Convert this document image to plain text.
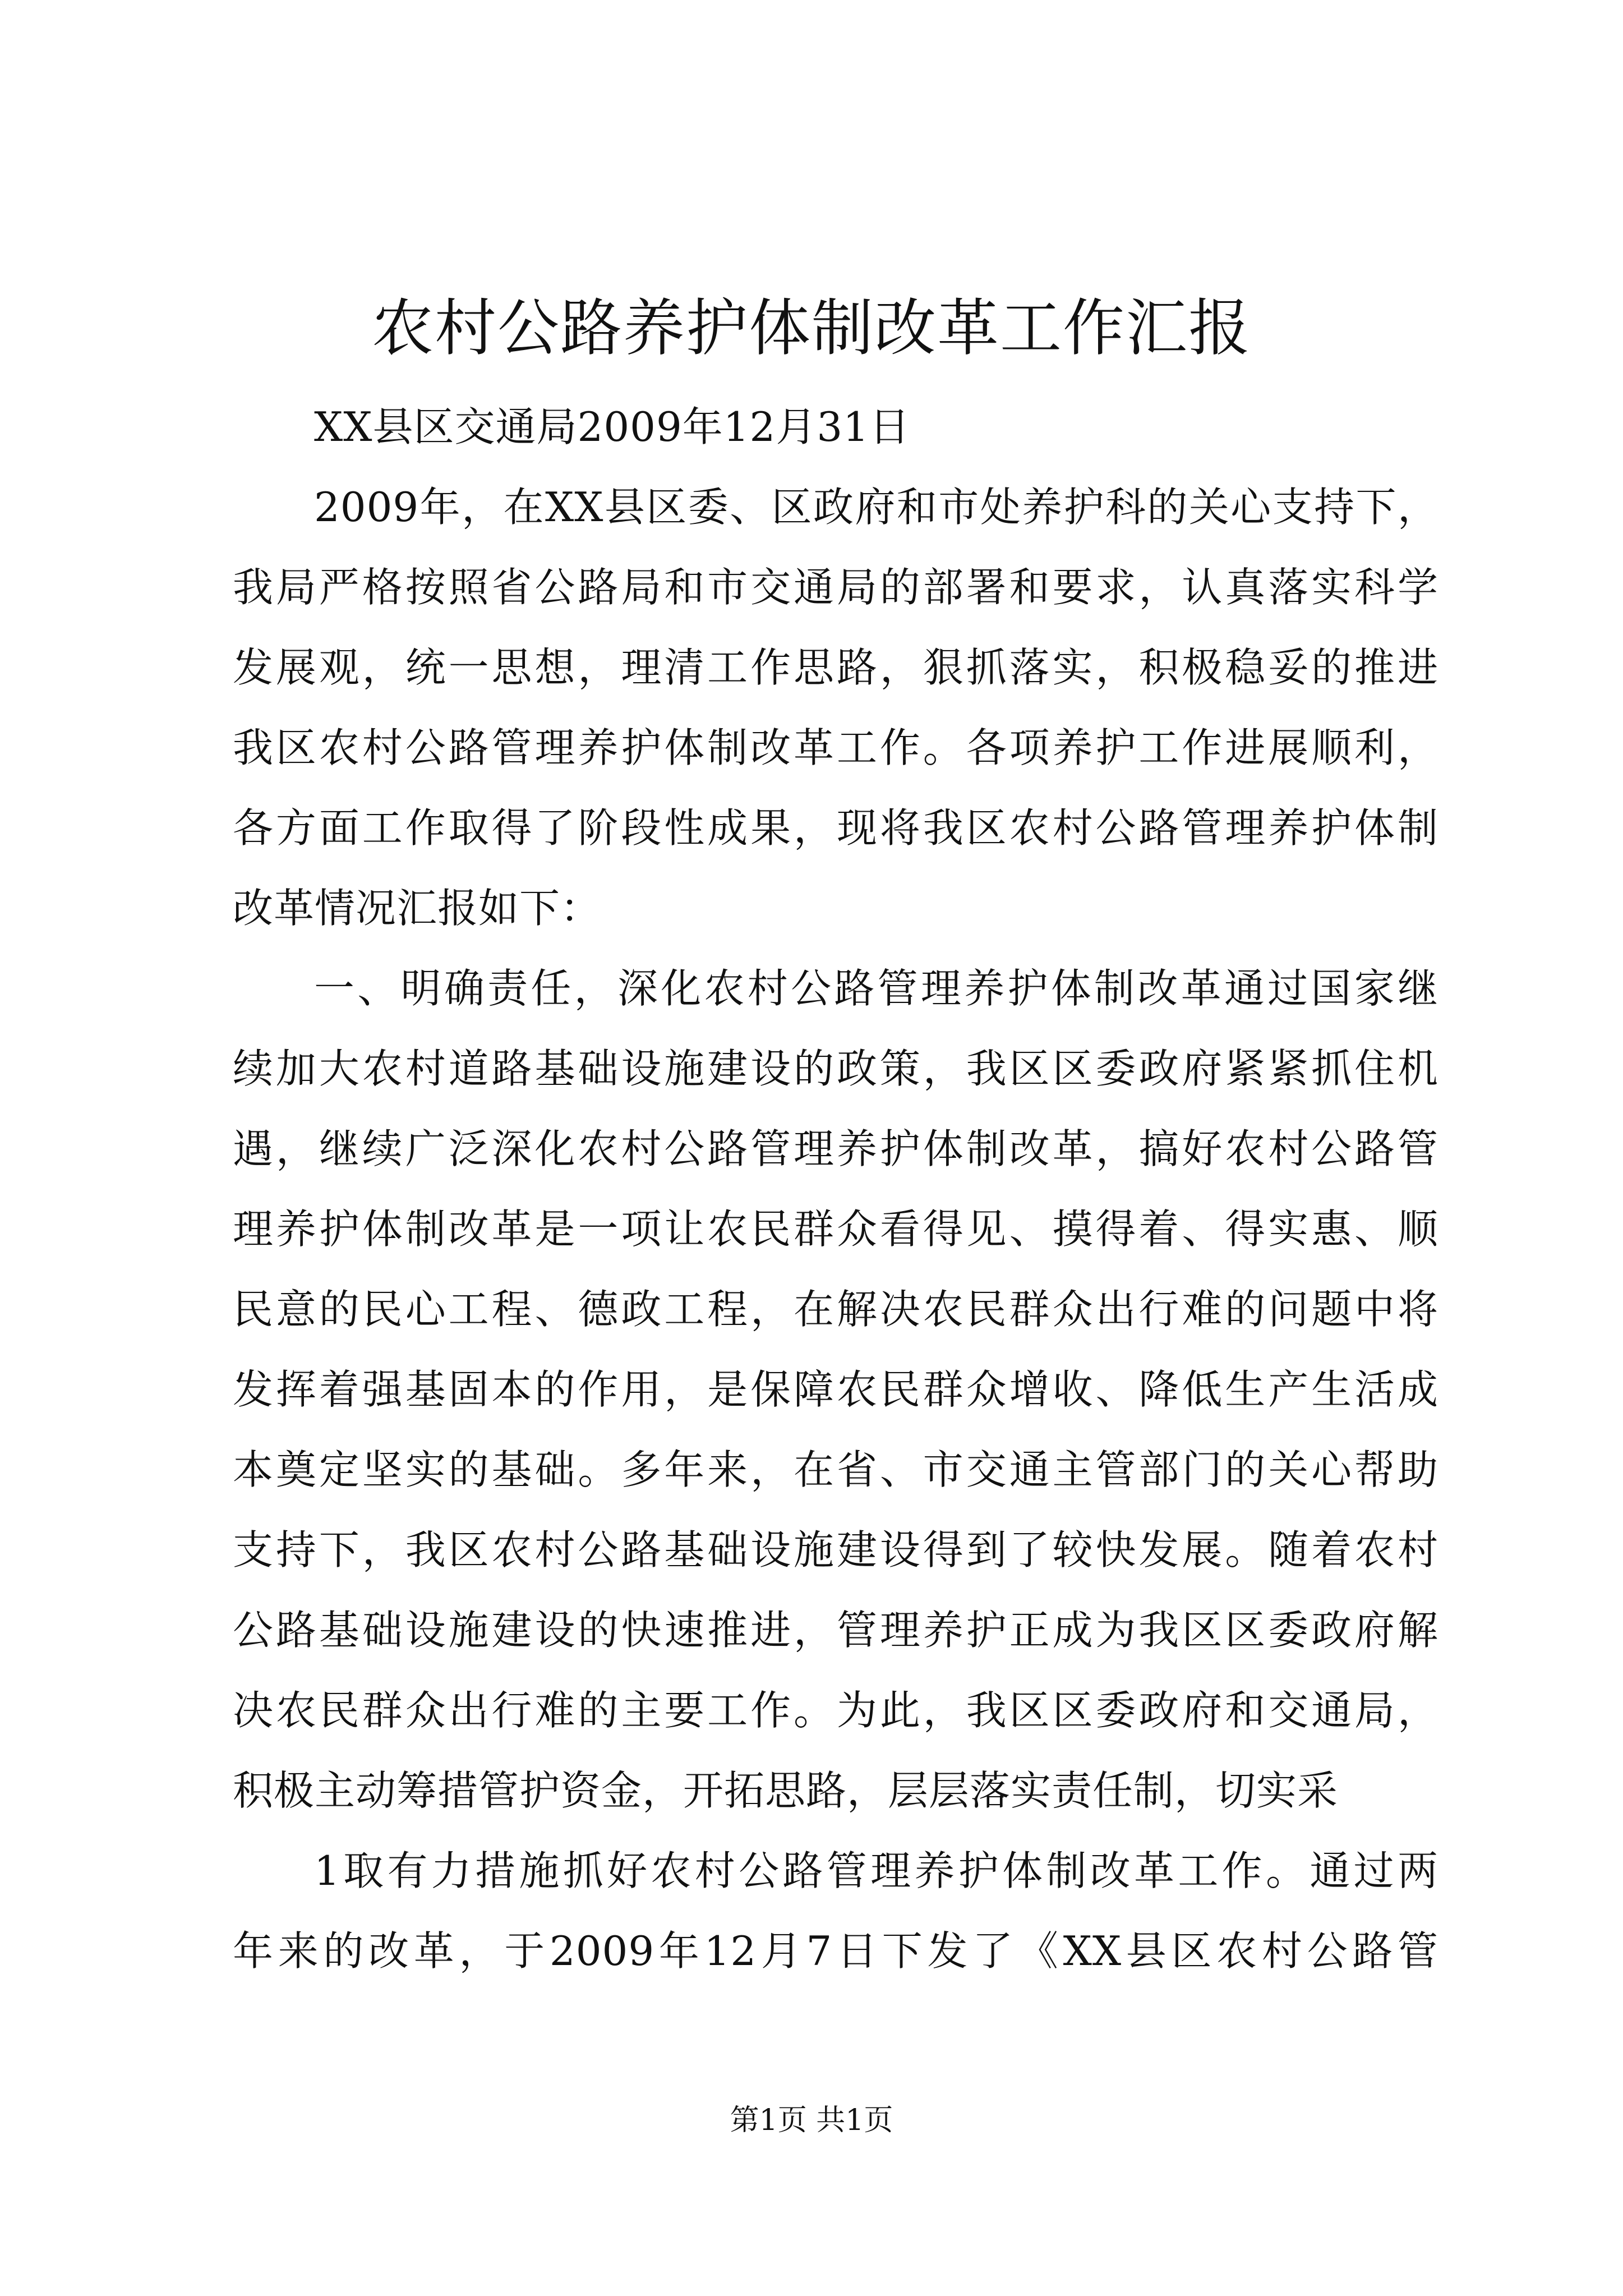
农村公路养护体制改革工作汇报
XX县区交通局2009年12月31日
2009年，在XX县区委、区政府和市处养护科的关心支持下，
我局严格按照省公路局和市交通局的部署和要求，认真落实科学
发展观，统一思想，理清工作思路，狠抓落实，积极稳妥的推进
我区农村公路管理养护体制改革工作。各项养护工作进展顺利，
各方面工作取得了阶段性成果，现将我区农村公路管理养护体制
改革情况汇报如下：
一、明确责任，深化农村公路管理养护体制改革通过国家继
续加大农村道路基础设施建设的政策，我区区委政府紧紧抓住机
遇，继续广泛深化农村公路管理养护体制改革，搞好农村公路管
理养护体制改革是一项让农民群众看得见、摸得着、得实惠、顺
民意的民心工程、德政工程，在解决农民群众出行难的问题中将
发挥着强基固本的作用，是保障农民群众增收、降低生产生活成
本奠定坚实的基础。多年来，在省、市交通主管部门的关心帮助
支持下，我区农村公路基础设施建设得到了较快发展。随着农村
公路基础设施建设的快速推进，管理养护正成为我区区委政府解
决农民群众出行难的主要工作。为此，我区区委政府和交通局，
积极主动筹措管护资金，开拓思路，层层落实责任制，切实采
1取有力措施抓好农村公路管理养护体制改革工作。通过两
年来的改革，于2009年12月7日下发了《XX县区农村公路管
第1页 共1页
